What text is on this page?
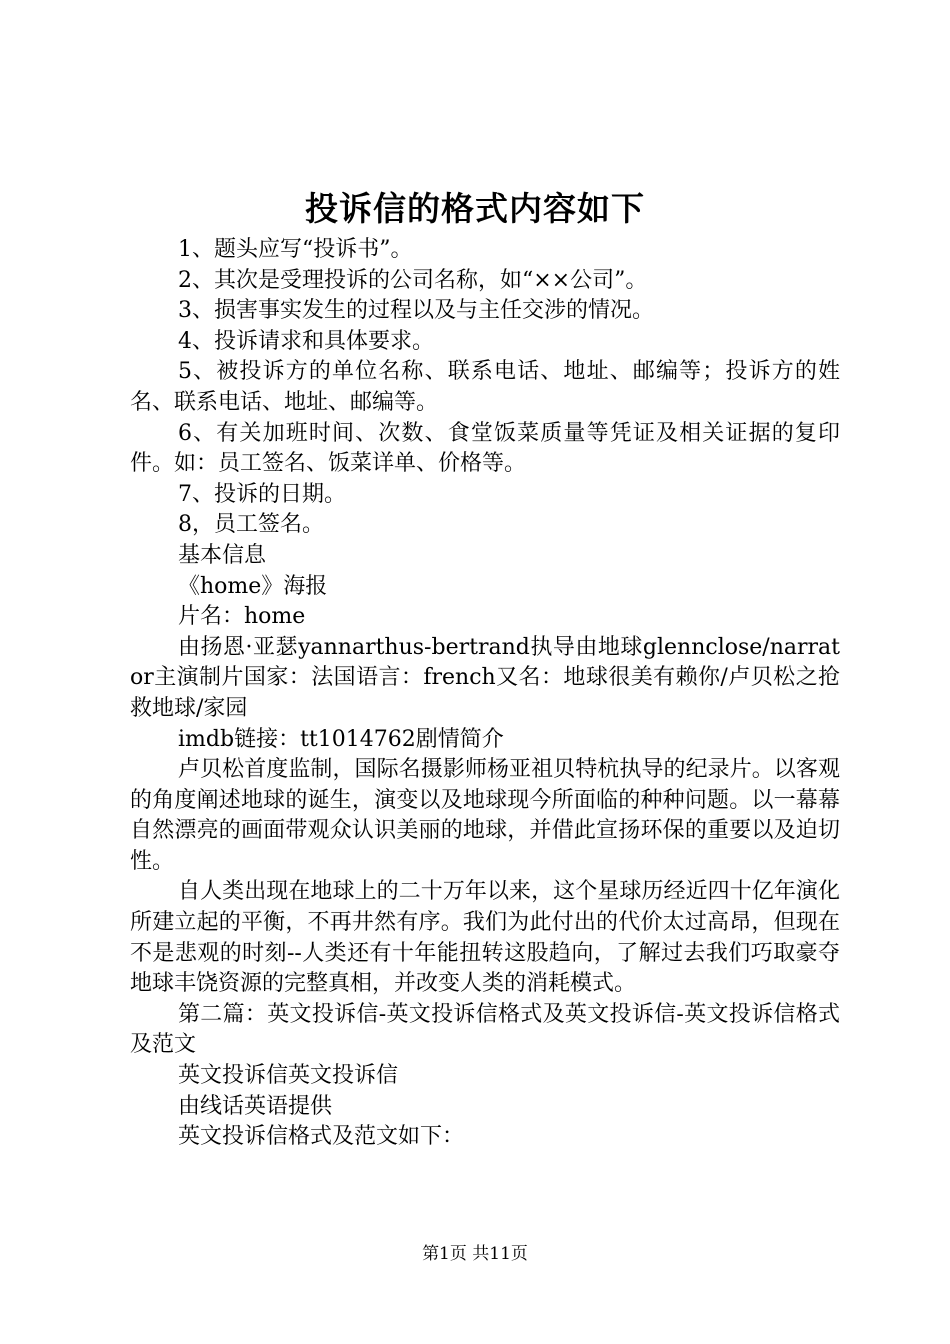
投诉信的格式内容如下

1、题头应写“投诉书”。

2、其次是受理投诉的公司名称，如“××公司”。

3、损害事实发生的过程以及与主任交涉的情况。

4、投诉请求和具体要求。

5、被投诉方的单位名称、联系电话、地址、邮编等；投诉方的姓名、联系电话、地址、邮编等。

6、有关加班时间、次数、食堂饭菜质量等凭证及相关证据的复印件。如：员工签名、饭菜详单、价格等。

7、投诉的日期。

8，员工签名。

基本信息

《home》海报

片名：home

由扬恩·亚瑟yannarthus-bertrand执导由地球glennclose/narrator主演制片国家：法国语言：french又名：地球很美有赖你/卢贝松之抢救地球/家园

imdb链接：tt1014762剧情简介

卢贝松首度监制，国际名摄影师杨亚祖贝特杭执导的纪录片。以客观的角度阐述地球的诞生，演变以及地球现今所面临的种种问题。以一幕幕自然漂亮的画面带观众认识美丽的地球，并借此宣扬环保的重要以及迫切性。

自人类出现在地球上的二十万年以来，这个星球历经近四十亿年演化所建立起的平衡，不再井然有序。我们为此付出的代价太过高昂，但现在不是悲观的时刻--人类还有十年能扭转这股趋向，了解过去我们巧取豪夺地球丰饶资源的完整真相，并改变人类的消耗模式。

第二篇：英文投诉信-英文投诉信格式及英文投诉信-英文投诉信格式及范文

英文投诉信英文投诉信

由线话英语提供

英文投诉信格式及范文如下：

第1页 共11页
